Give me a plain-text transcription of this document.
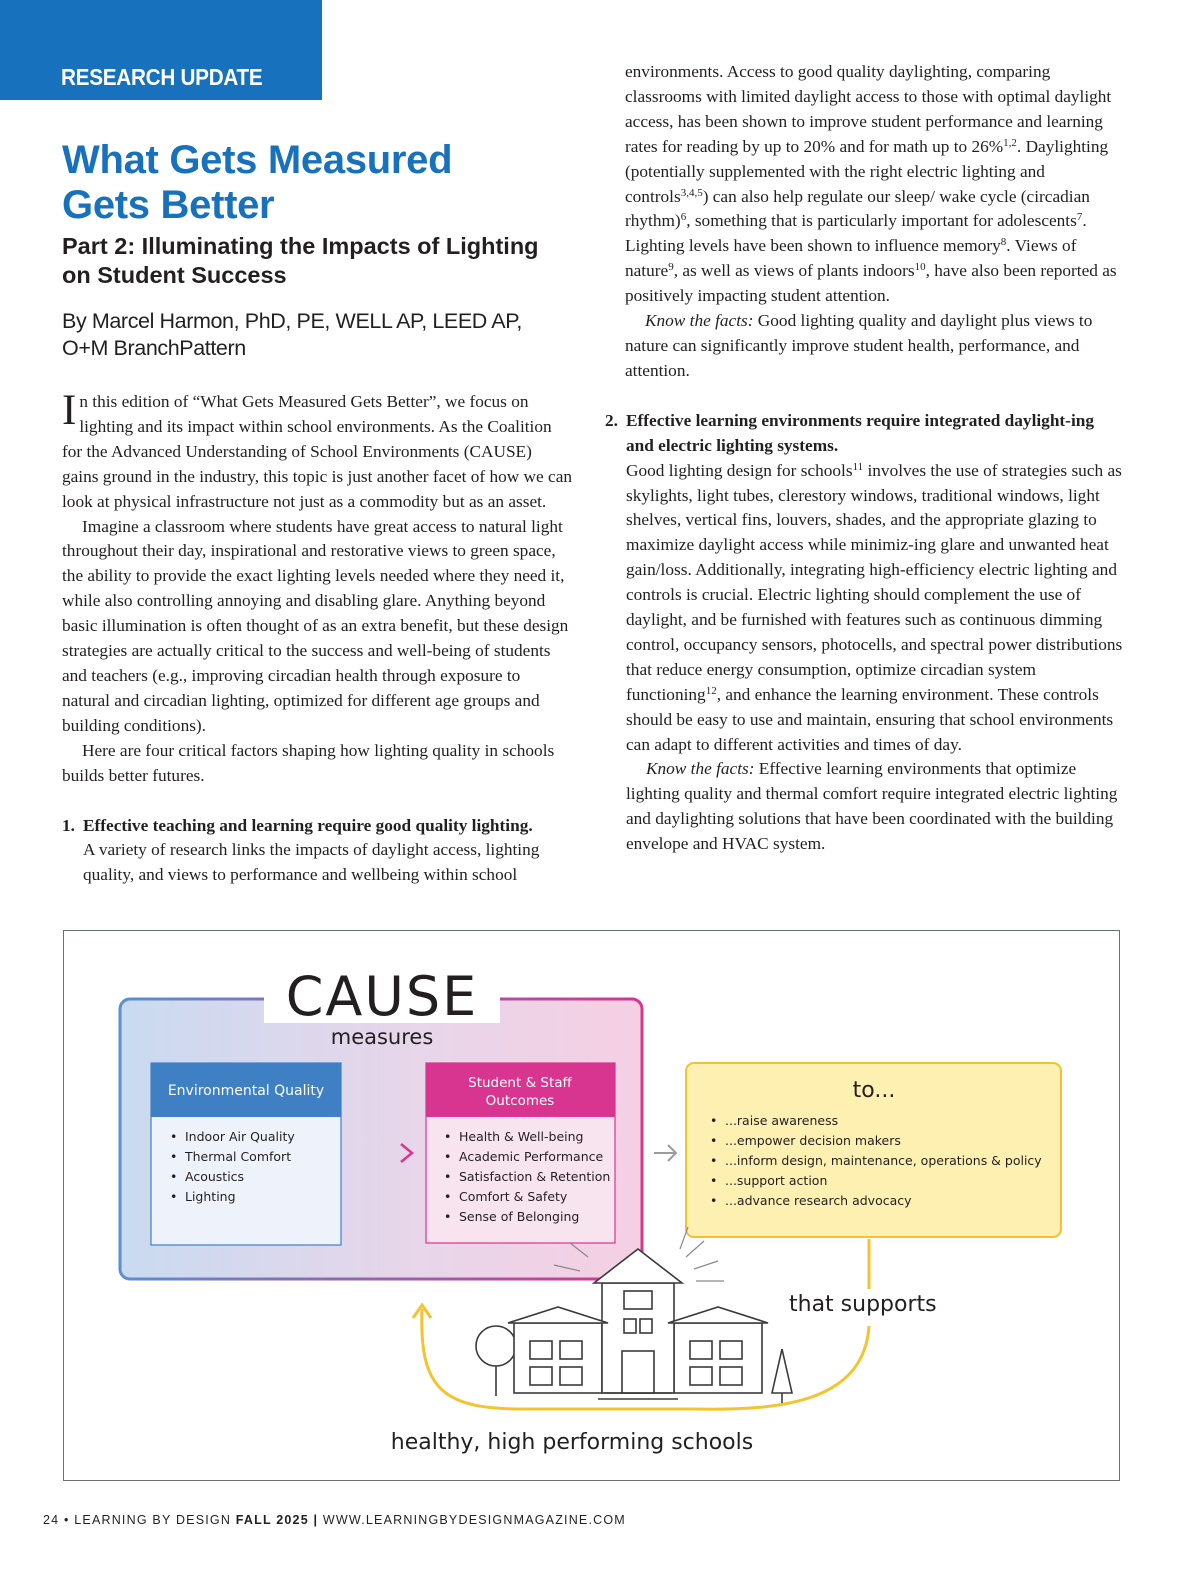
RESEARCH UPDATE
What Gets Measured
Gets Better
Part 2: Illuminating the Impacts of Lighting
on Student Success

By Marcel Harmon, PhD, PE, WELL AP, LEED AP,
O+M BranchPattern

In this edition of “What Gets Measured Gets Better”, we focus on lighting and its impact within school environments. As the Coalition for the Advanced Understanding of School Environments (CAUSE) gains ground in the industry, this topic is just another facet of how we can look at physical infrastructure not just as a commodity but as an asset.

Imagine a classroom where students have great access to natural light throughout their day, inspirational and restorative views to green space, the ability to provide the exact lighting levels needed where they need it, while also controlling annoying and disabling glare. Anything beyond basic illumination is often thought of as an extra benefit, but these design strategies are actually critical to the success and well-being of students and teachers (e.g., improving circadian health through exposure to natural and circadian lighting, optimized for different age groups and building conditions).

Here are four critical factors shaping how lighting quality in schools builds better futures.

1. Effective teaching and learning require good quality lighting.
A variety of research links the impacts of daylight access, lighting quality, and views to performance and wellbeing within school

environments. Access to good quality daylighting, comparing classrooms with limited daylight access to those with optimal daylight access, has been shown to improve student performance and learning rates for reading by up to 20% and for math up to 26%$^{1,2}$. Daylighting (potentially supplemented with the right electric lighting and controls$^{3,4,5}$) can also help regulate our sleep/ wake cycle (circadian rhythm)$^6$, something that is particularly important for adolescents$^7$. Lighting levels have been shown to influence memory$^8$. Views of nature$^9$, as well as views of plants indoors$^{10}$, have also been reported as positively impacting student attention.

Know the facts: Good lighting quality and daylight plus views to nature can significantly improve student health, performance, and attention.

2. Effective learning environments require integrated daylight-ing and electric lighting systems.

Good lighting design for schools$^{11}$ involves the use of strategies such as skylights, light tubes, clerestory windows, traditional windows, light shelves, vertical fins, louvers, shades, and the appropriate glazing to maximize daylight access while minimiz-ing glare and unwanted heat gain/loss. Additionally, integrating high-efficiency electric lighting and controls is crucial. Electric lighting should complement the use of daylight, and be furnished with features such as continuous dimming control, occupancy sensors, photocells, and spectral power distributions that reduce energy consumption, optimize circadian system functioning$^{12}$, and enhance the learning environment. These controls should be easy to use and maintain, ensuring that school environments can adapt to different activities and times of day.

Know the facts: Effective learning environments that optimize lighting quality and thermal comfort require integrated electric lighting and daylighting solutions that have been coordinated with the building envelope and HVAC system.

CAUSE
measures
Environmental Quality
• Indoor Air Quality
• Thermal Comfort
• Acoustics
• Lighting
Student & Staff
Outcomes
• Health & Well-being
• Academic Performance
• Satisfaction & Retention
• Comfort & Safety
• Sense of Belonging
to...
• ...raise awareness
• ...empower decision makers
• ...inform design, maintenance, operations & policy
• ...support action
• ...advance research advocacy
that supports
healthy, high performing schools
24 • LEARNING BY DESIGN FALL 2025 | WWW.LEARNINGBYDESIGNMAGAZINE.COM
